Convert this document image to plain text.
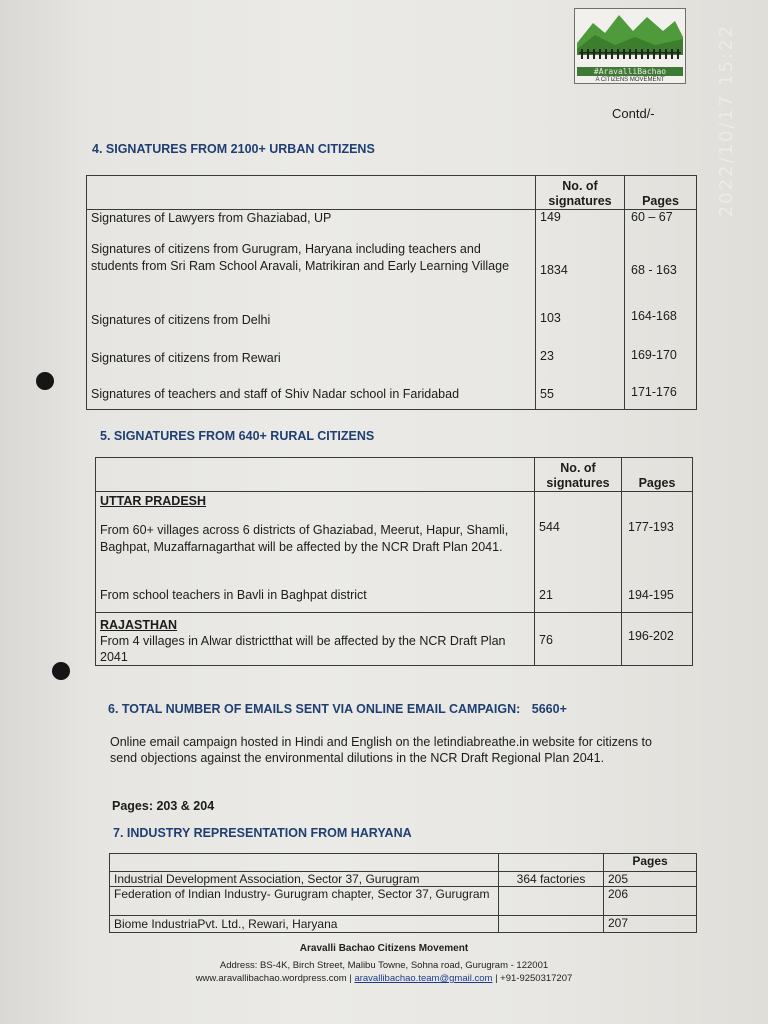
#AravalliBachao
A CITIZENS MOVEMENT	2022/10/17 15:22
Contd/-
4. SIGNATURES FROM 2100+ URBAN CITIZENS
	No. of signatures	Pages
Signatures of Lawyers from Ghaziabad, UP	149	60 – 67
Signatures of citizens from Gurugram, Haryana including teachers and students from Sri Ram School Aravali, Matrikiran and Early Learning Village	1834	68 - 163
Signatures of citizens from Delhi	103	164-168
Signatures of citizens from Rewari	23	169-170
Signatures of teachers and staff of Shiv Nadar school in Faridabad	55	171-176
5. SIGNATURES FROM 640+ RURAL CITIZENS
	No. of signatures	Pages
UTTAR PRADESH		
From 60+ villages across 6 districts of Ghaziabad, Meerut, Hapur, Shamli, Baghpat, Muzaffarnagarthat will be affected by the NCR Draft Plan 2041.	544	177-193
From school teachers in Bavli in Baghpat district	21	194-195
RAJASTHAN
From 4 villages in Alwar districtthat will be affected by the NCR Draft Plan 2041	76	196-202
6. TOTAL NUMBER OF EMAILS SENT VIA ONLINE EMAIL CAMPAIGN: 5660+
Online email campaign hosted in Hindi and English on the letindiabreathe.in website for citizens to send objections against the environmental dilutions in the NCR Draft Regional Plan 2041.
Pages: 203 & 204
7. INDUSTRY REPRESENTATION FROM HARYANA
		Pages
Industrial Development Association, Sector 37, Gurugram	364 factories	205
Federation of Indian Industry- Gurugram chapter, Sector 37, Gurugram		206
Biome IndustriaPvt. Ltd., Rewari, Haryana		207
Aravalli Bachao Citizens Movement
Address: BS-4K, Birch Street, Malibu Towne, Sohna road, Gurugram - 122001
www.aravallibachao.wordpress.com | aravallibachao.team@gmail.com | +91-9250317207
